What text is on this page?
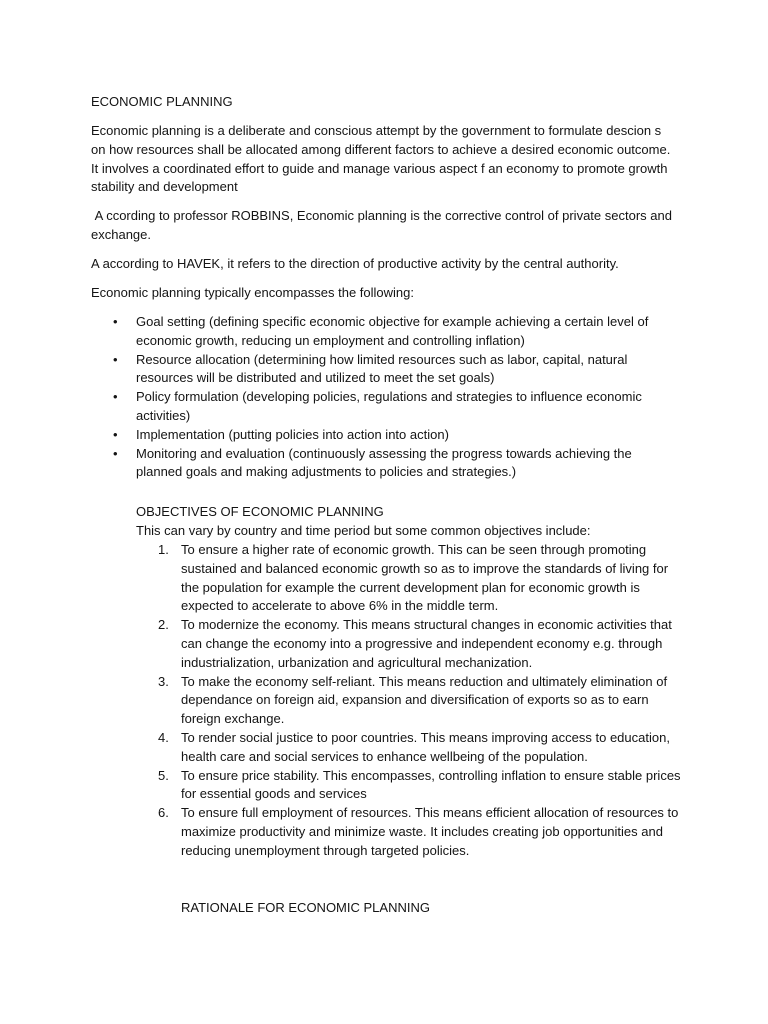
ECONOMIC PLANNING

Economic planning is a deliberate and conscious attempt by the government to formulate descion s on how resources shall be allocated among different factors to achieve a desired economic outcome. It involves a coordinated effort to guide and manage various aspect f an economy to promote growth stability and development

A ccording to professor ROBBINS, Economic planning is the corrective control of private sectors and exchange.

A according to HAVEK, it refers to the direction of productive activity by the central authority.

Economic planning typically encompasses the following:

• Goal setting (defining specific economic objective for example achieving a certain level of economic growth, reducing un employment and controlling inflation)
• Resource allocation (determining how limited resources such as labor, capital, natural resources will be distributed and utilized to meet the set goals)
• Policy formulation (developing policies, regulations and strategies to influence economic activities)
• Implementation (putting policies into action into action)
• Monitoring and evaluation (continuously assessing the progress towards achieving the planned goals and making adjustments to policies and strategies.)

OBJECTIVES OF ECONOMIC PLANNING

This can vary by country and time period but some common objectives include:

1. To ensure a higher rate of economic growth. This can be seen through promoting sustained and balanced economic growth so as to improve the standards of living for the population for example the current development plan for economic growth is expected to accelerate to above 6% in the middle term.
2. To modernize the economy. This means structural changes in economic activities that can change the economy into a progressive and independent economy e.g. through industrialization, urbanization and agricultural mechanization.
3. To make the economy self-reliant. This means reduction and ultimately elimination of dependance on foreign aid, expansion and diversification of exports so as to earn foreign exchange.
4. To render social justice to poor countries. This means improving access to education, health care and social services to enhance wellbeing of the population.
5. To ensure price stability. This encompasses, controlling inflation to ensure stable prices for essential goods and services
6. To ensure full employment of resources. This means efficient allocation of resources to maximize productivity and minimize waste. It includes creating job opportunities and reducing unemployment through targeted policies.

RATIONALE FOR ECONOMIC PLANNING
